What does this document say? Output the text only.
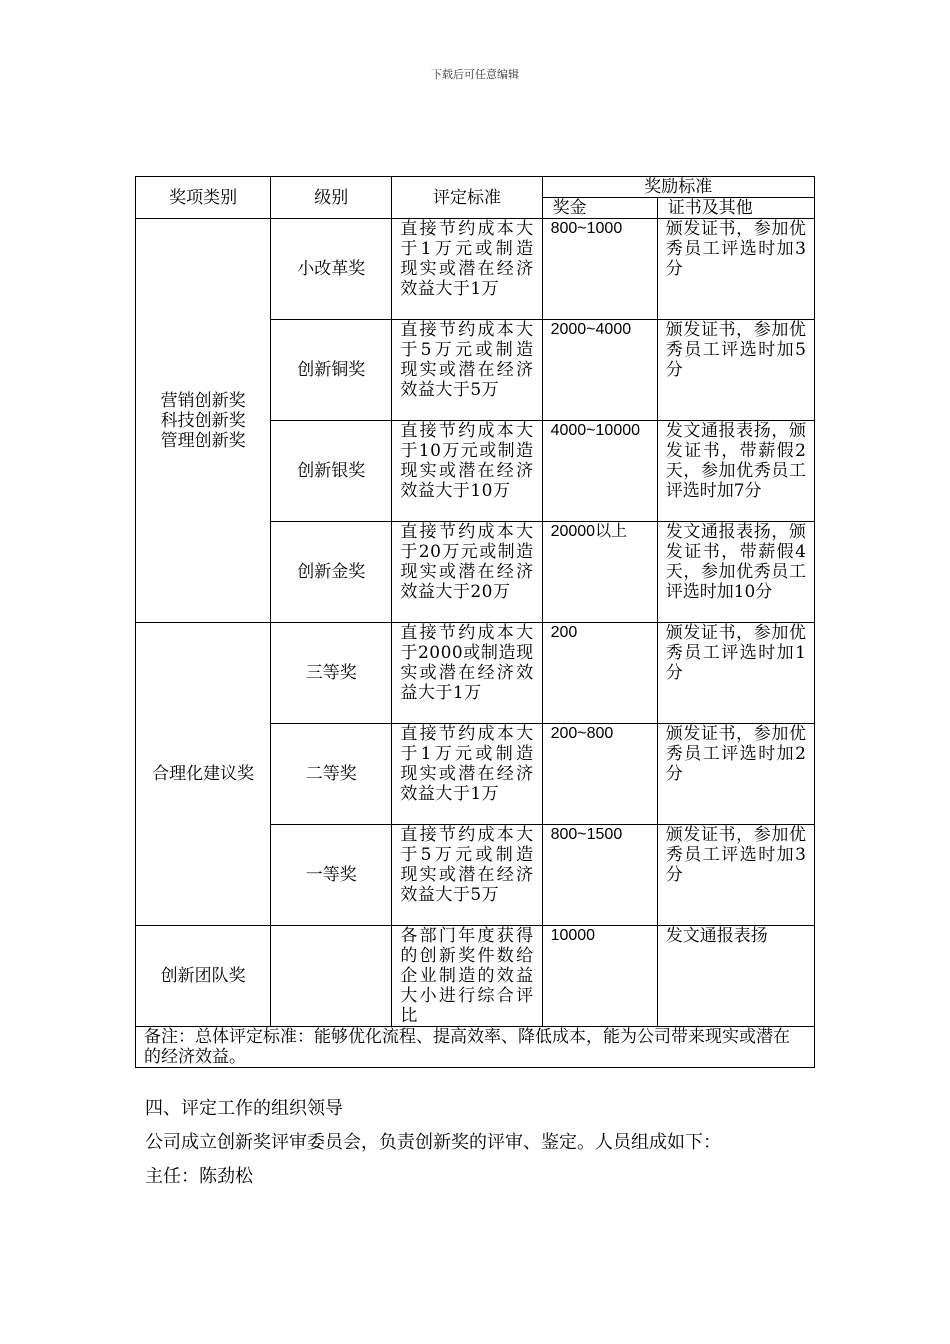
下载后可任意编辑
奖项类别	级别	评定标准	奖励标准	
			奖金	证书及其他
营销创新奖
科技创新奖
管理创新奖	小改革奖	直接节约成本大于1万元或制造现实或潜在经济效益大于1万	800~1000	颁发证书，参加优秀员工评选时加3分
	创新铜奖	直接节约成本大于5万元或制造现实或潜在经济效益大于5万	2000~4000	颁发证书，参加优秀员工评选时加5分
	创新银奖	直接节约成本大于10万元或制造现实或潜在经济效益大于10万	4000~10000	发文通报表扬，颁发证书，带薪假2天，参加优秀员工评选时加7分
	创新金奖	直接节约成本大于20万元或制造现实或潜在经济效益大于20万	20000以上	发文通报表扬，颁发证书，带薪假4天，参加优秀员工评选时加10分
合理化建议奖	三等奖	直接节约成本大于2000或制造现实或潜在经济效益大于1万	200	颁发证书，参加优秀员工评选时加1分
	二等奖	直接节约成本大于1万元或制造现实或潜在经济效益大于1万	200~800	颁发证书，参加优秀员工评选时加2分
	一等奖	直接节约成本大于5万元或制造现实或潜在经济效益大于5万	800~1500	颁发证书，参加优秀员工评选时加3分
创新团队奖		各部门年度获得的创新奖件数给企业制造的效益大小进行综合评比	10000	发文通报表扬
备注：总体评定标准：能够优化流程、提高效率、降低成本，能为公司带来现实或潜在的经济效益。				
四、评定工作的组织领导
公司成立创新奖评审委员会，负责创新奖的评审、鉴定。人员组成如下：
主任：陈劲松
